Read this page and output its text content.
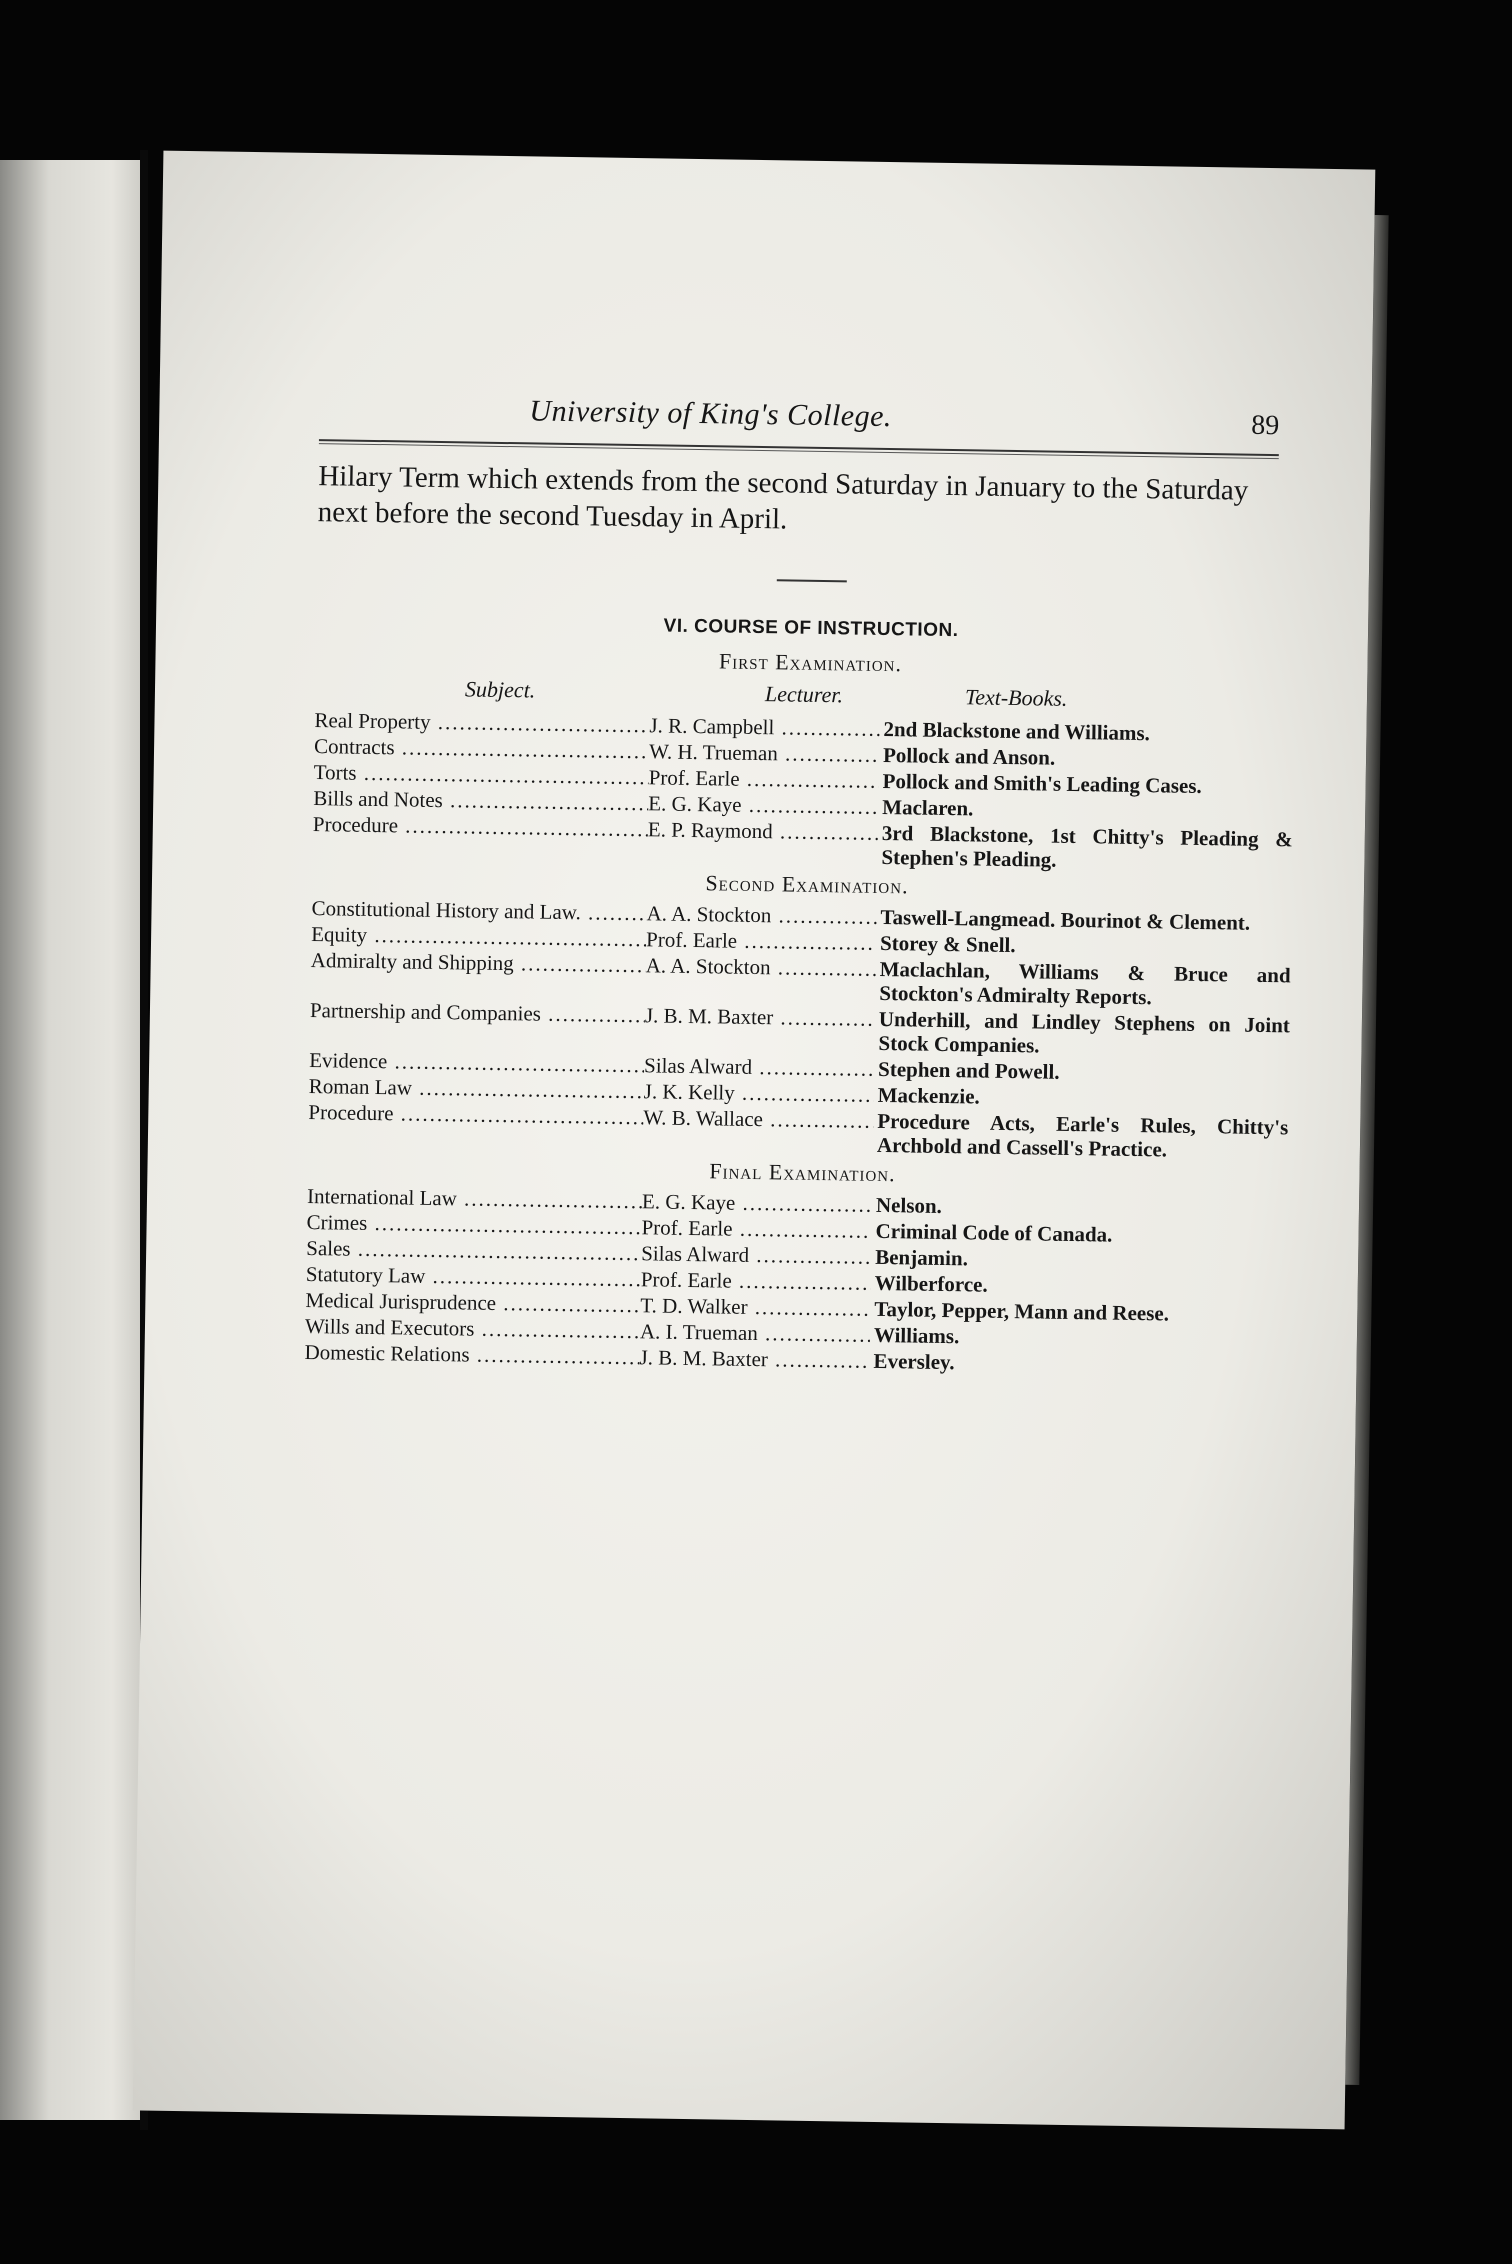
University of King's College.	89

Hilary Term which extends from the second Saturday in January to the Saturday next before the second Tuesday in April.

VI. COURSE OF INSTRUCTION.
First Examination.
Subject.	Lecturer.	Text-Books.
Real Property .....	J. R. Campbell .....	2nd Blackstone and Williams.
Contracts .....	W. H. Trueman .....	Pollock and Anson.
Torts .....	Prof. Earle .....	Pollock and Smith's Leading Cases.
Bills and Notes .....	E. G. Kaye .....	Maclaren.
Procedure .....	E. P. Raymond .....	3rd Blackstone, 1st Chitty's Pleading & Stephen's Pleading.
Second Examination.
Constitutional History and Law. .....	A. A. Stockton .....	Taswell-Langmead. Bourinot & Clement.
Equity .....	Prof. Earle .....	Storey & Snell.
Admiralty and Shipping .....	A. A. Stockton .....	Maclachlan, Williams & Bruce and Stockton's Admiralty Reports.
Partnership and Companies .....	J. B. M. Baxter .....	Underhill, and Lindley Stephens on Joint Stock Companies.
Evidence .....	Silas Alward .....	Stephen and Powell.
Roman Law .....	J. K. Kelly .....	Mackenzie.
Procedure .....	W. B. Wallace .....	Procedure Acts, Earle's Rules, Chitty's Archbold and Cassell's Practice.
Final Examination.
International Law .....	E. G. Kaye .....	Nelson.
Crimes .....	Prof. Earle .....	Criminal Code of Canada.
Sales .....	Silas Alward .....	Benjamin.
Statutory Law .....	Prof. Earle .....	Wilberforce.
Medical Jurisprudence .....	T. D. Walker .....	Taylor, Pepper, Mann and Reese.
Wills and Executors .....	A. I. Trueman .....	Williams.
Domestic Relations .....	J. B. M. Baxter .....	Eversley.
